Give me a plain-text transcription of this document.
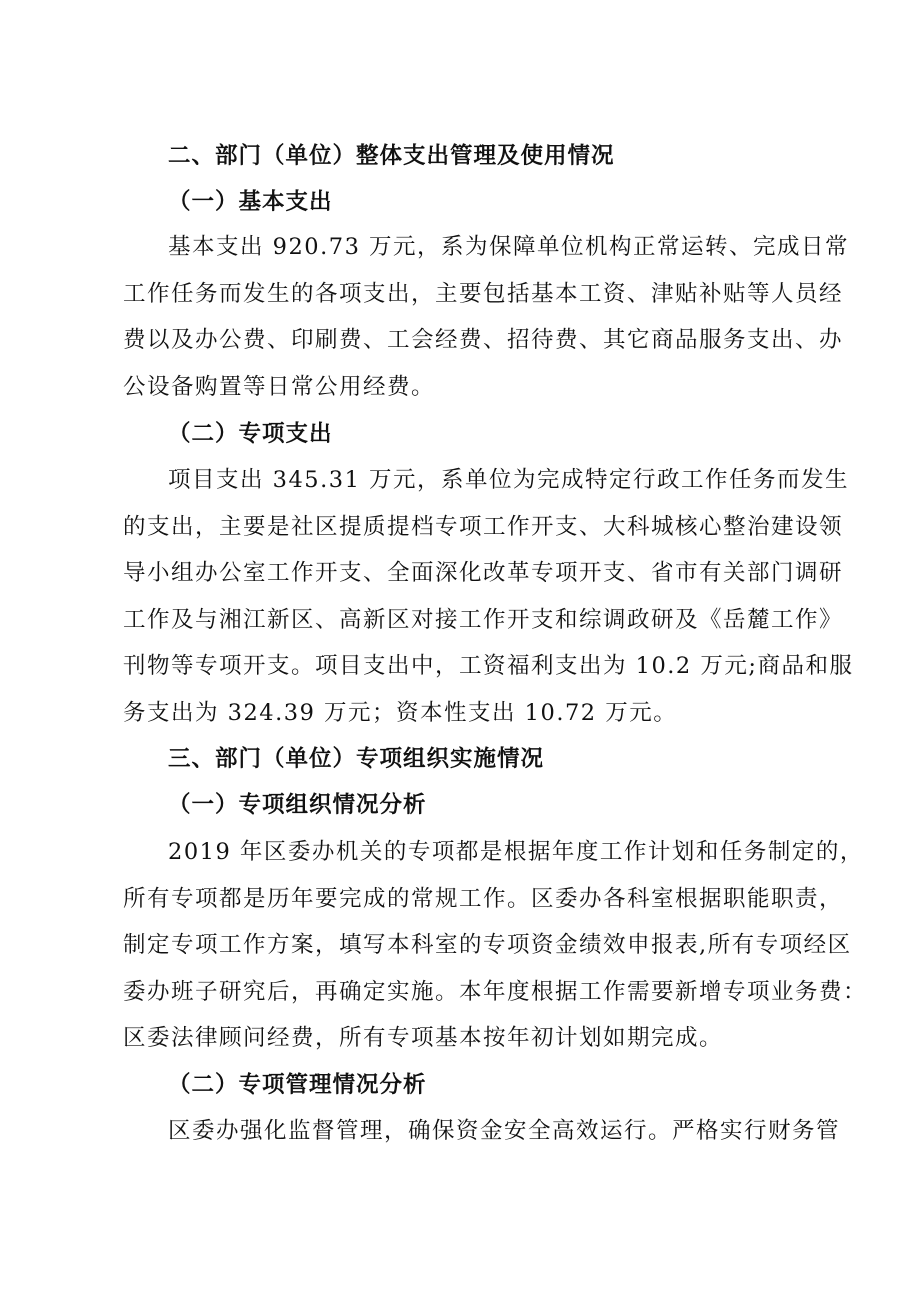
二、部门（单位）整体支出管理及使用情况
（一）基本支出
基本支出 920.73 万元，系为保障单位机构正常运转、完成日常
工作任务而发生的各项支出，主要包括基本工资、津贴补贴等人员经
费以及办公费、印刷费、工会经费、招待费、其它商品服务支出、办
公设备购置等日常公用经费。
（二）专项支出
项目支出 345.31 万元，系单位为完成特定行政工作任务而发生
的支出，主要是社区提质提档专项工作开支、大科城核心整治建设领
导小组办公室工作开支、全面深化改革专项开支、省市有关部门调研
工作及与湘江新区、高新区对接工作开支和综调政研及《岳麓工作》
刊物等专项开支。项目支出中，工资福利支出为 10.2 万元;商品和服
务支出为 324.39 万元；资本性支出 10.72 万元。
三、部门（单位）专项组织实施情况
（一）专项组织情况分析
2019 年区委办机关的专项都是根据年度工作计划和任务制定的，
所有专项都是历年要完成的常规工作。区委办各科室根据职能职责，
制定专项工作方案，填写本科室的专项资金绩效申报表,所有专项经区
委办班子研究后，再确定实施。本年度根据工作需要新增专项业务费：
区委法律顾问经费，所有专项基本按年初计划如期完成。
（二）专项管理情况分析
区委办强化监督管理，确保资金安全高效运行。严格实行财务管
